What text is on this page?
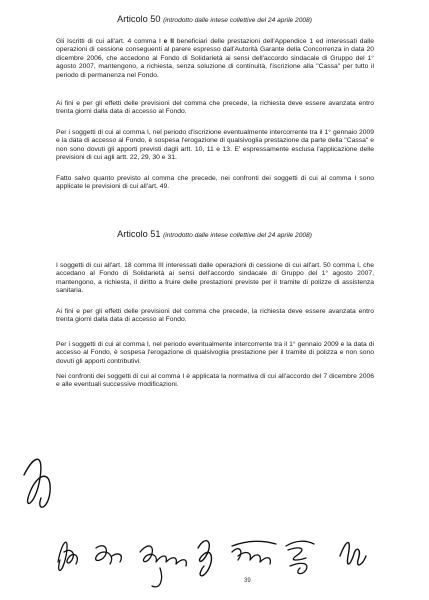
Articolo 50 (introdotto dalle intese collettive del 24 aprile 2008)

Gli Iscritti di cui all'art. 4 comma I e II beneficiari delle prestazioni dell'Appendice 1 ed interessati dalle operazioni di cessione conseguenti al parere espresso dall'Autorità Garante della Concorrenza in data 20 dicembre 2006, che accedono al Fondo di Solidarietà ai sensi dell'accordo sindacale di Gruppo del 1° agosto 2007, mantengono, a richiesta, senza soluzione di continuità, l'iscrizione alla "Cassa" per tutto il periodo di permanenza nel Fondo.

Ai fini e per gli effetti delle previsioni del comma che precede, la richiesta deve essere avanzata entro trenta giorni dalla data di accesso al Fondo.

Per i soggetti di cui al comma I, nel periodo d'iscrizione eventualmente intercorrente tra il 1° gennaio 2009 e la data di accesso al Fondo, è sospesa l'erogazione di qualsivoglia prestazione da parte della "Cassa" e non sono dovuti gli apporti previsti dagli artt. 10, 11 e 13. E' espressamente esclusa l'applicazione delle previsioni di cui agli artt. 22, 29, 30 e 31.

Fatto salvo quanto previsto al comma che precede, nei confronti dei soggetti di cui al comma I sono applicate le previsioni di cui all'art. 49.

Articolo 51 (introdotto dalle intese collettive del 24 aprile 2008)

I soggetti di cui all'art. 18 comma III interessati dalle operazioni di cessione di cui all'art. 50 comma I, che accedano al Fondo di Solidarietà ai sensi dell'accordo sindacale di Gruppo del 1° agosto 2007, mantengono, a richiesta, il diritto a fruire delle prestazioni previste per il tramite di polizze di assistenza sanitaria.

Ai fini e per gli effetti delle previsioni del comma che precede, la richiesta deve essere avanzata entro trenta giorni dalla data di accesso al Fondo.

Per i soggetti di cui al comma I, nel periodo eventualmente intercorrente tra il 1° gennaio 2009 e la data di accesso al Fondo, è sospesa l'erogazione di qualsivoglia prestazione per il tramite di polizza e non sono dovuti gli apporti contributivi.

Nei confronti dei soggetti di cui al comma I è applicata la normativa di cui all'accordo del 7 dicembre 2006 e alle eventuali successive modificazioni.

39
